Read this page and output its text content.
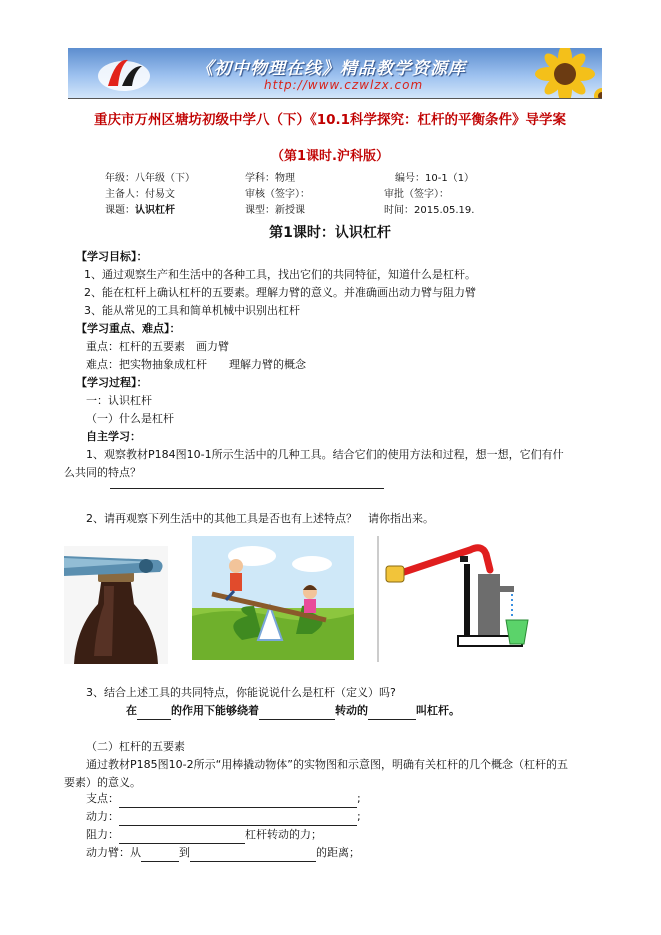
《初中物理在线》精品教学资源库
http://www.czwlzx.com
重庆市万州区塘坊初级中学八（下）《10.1科学探究：杠杆的平衡条件》导学案
（第1课时.沪科版）
年级：八年级（下）	学科：物理	编号：10-1（1）
主备人：付易文	审核（签字）：	审批（签字）：
课题：认识杠杆	课型：新授课	时间：2015.05.19.
第1课时：认识杠杆
【学习目标】：
1、通过观察生产和生活中的各种工具，找出它们的共同特征，知道什么是杠杆。
2、能在杠杆上确认杠杆的五要素。理解力臂的意义。并准确画出动力臂与阻力臂
3、能从常见的工具和简单机械中识别出杠杆
【学习重点、难点】：
重点：杠杆的五要素　画力臂
难点：把实物抽象成杠杆　　理解力臂的概念
【学习过程】：
一：认识杠杆
（一）什么是杠杆
自主学习：
1、观察教材P184图10-1所示生活中的几种工具。结合它们的使用方法和过程，想一想，它们有什
么共同的特点？
2、请再观察下列生活中的其他工具是否也有上述特点？　请你指出来。
3、结合上述工具的共同特点，你能说说什么是杠杆（定义）吗?
在	的作用下能够绕着	转动的	叫杠杆。
（二）杠杆的五要素
通过教材P185图10-2所示“用棒撬动物体”的实物图和示意图，明确有关杠杆的几个概念（杠杆的五
要素）的意义。
支点：	;
动力：	;
阻力：	杠杆转动的力；
动力臂：从	到	的距离；
